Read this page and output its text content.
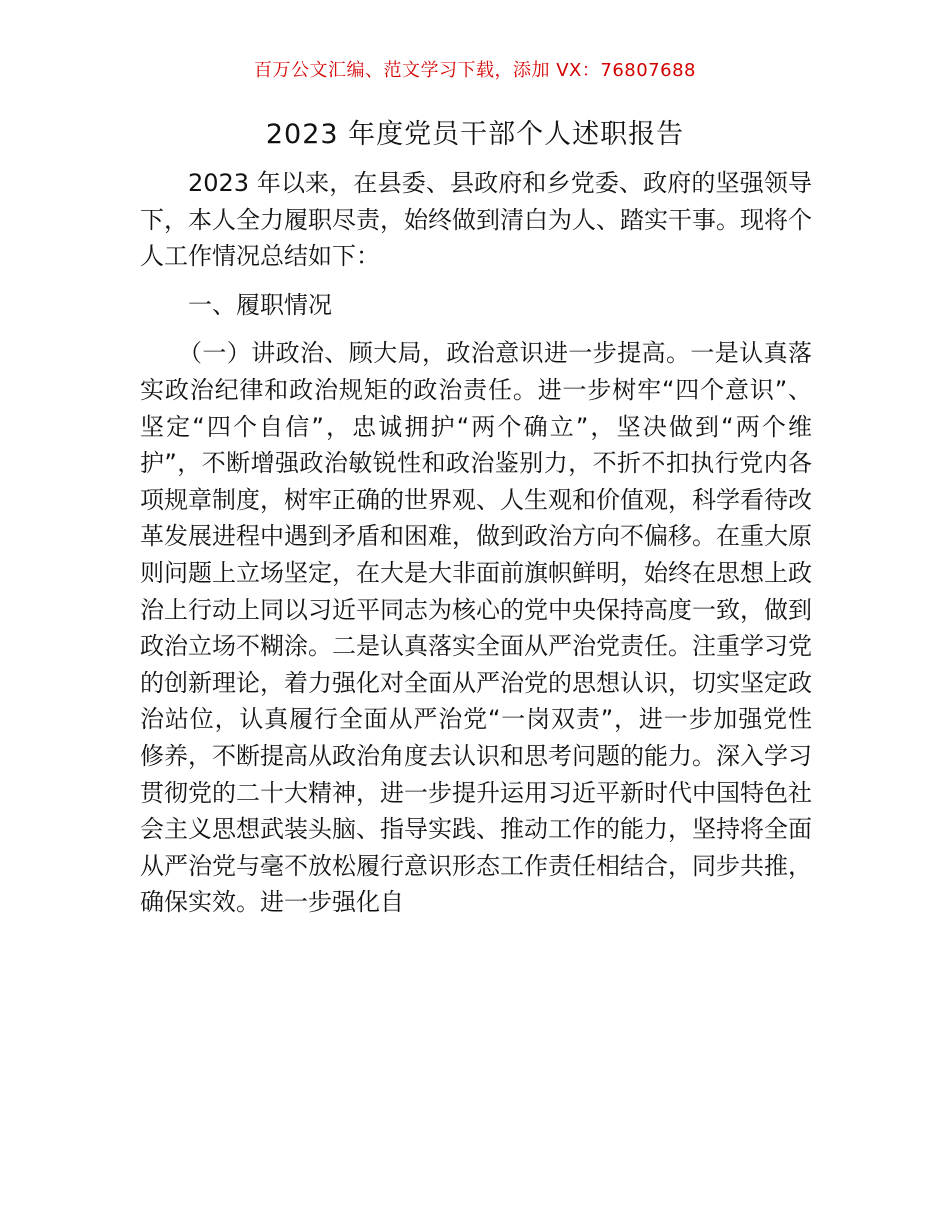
百万公文汇编、范文学习下载，添加 VX：76807688
2023 年度党员干部个人述职报告

2023 年以来，在县委、县政府和乡党委、政府的坚强领导下，本人全力履职尽责，始终做到清白为人、踏实干事。现将个人工作情况总结如下：

一、履职情况

（一）讲政治、顾大局，政治意识进一步提高。一是认真落实政治纪律和政治规矩的政治责任。进一步树牢“四个意识”、坚定“四个自信”，忠诚拥护“两个确立”，坚决做到“两个维护”，不断增强政治敏锐性和政治鉴别力，不折不扣执行党内各项规章制度，树牢正确的世界观、人生观和价值观，科学看待改革发展进程中遇到矛盾和困难，做到政治方向不偏移。在重大原则问题上立场坚定，在大是大非面前旗帜鲜明，始终在思想上政治上行动上同以习近平同志为核心的党中央保持高度一致，做到政治立场不糊涂。二是认真落实全面从严治党责任。注重学习党的创新理论，着力强化对全面从严治党的思想认识，切实坚定政治站位，认真履行全面从严治党“一岗双责”，进一步加强党性修养，不断提高从政治角度去认识和思考问题的能力。深入学习贯彻党的二十大精神，进一步提升运用习近平新时代中国特色社会主义思想武装头脑、指导实践、推动工作的能力，坚持将全面从严治党与毫不放松履行意识形态工作责任相结合，同步共推，确保实效。进一步强化自
